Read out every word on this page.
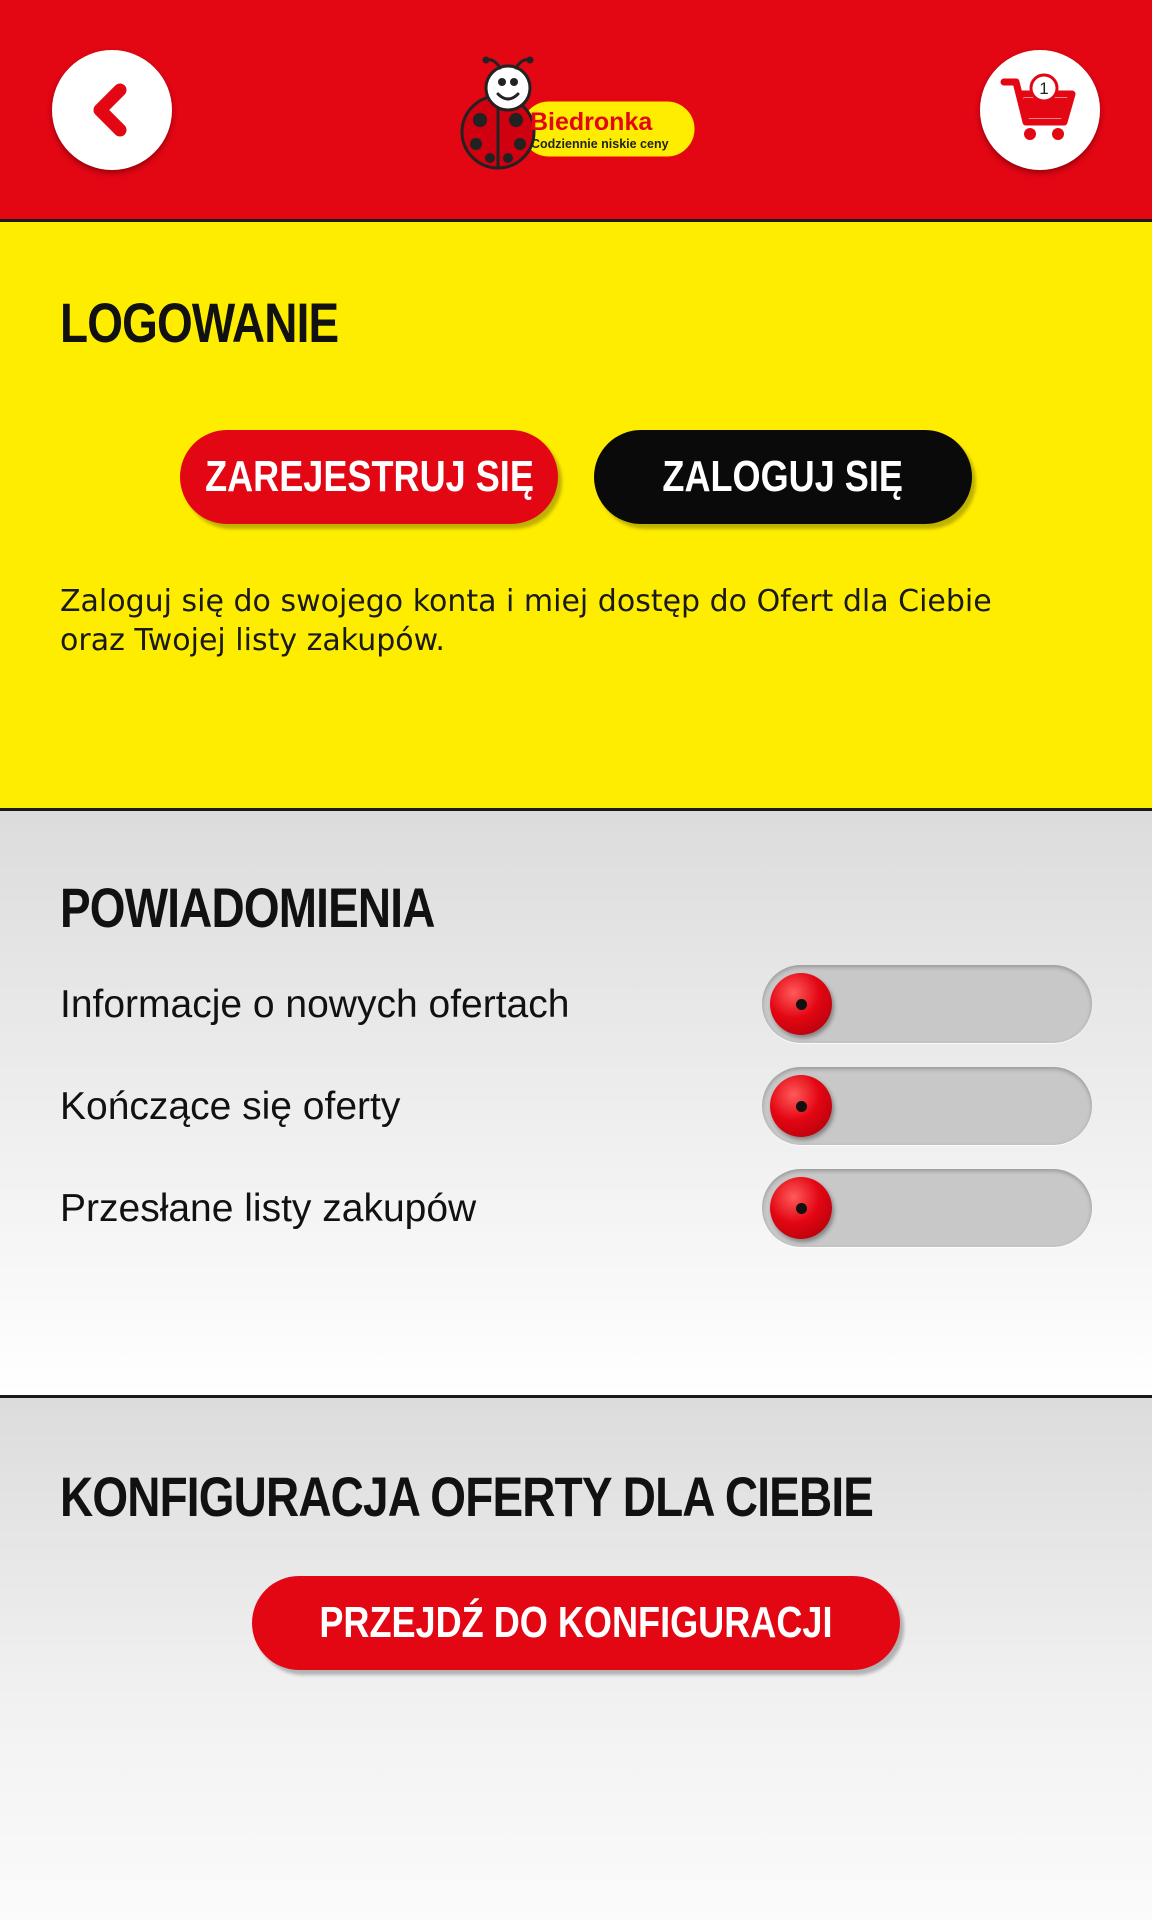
Biedronka
Codziennie niskie ceny
1
LOGOWANIE
ZAREJESTRUJ SIĘ	ZALOGUJ SIĘ

Zaloguj się do swojego konta i miej dostęp do Ofert dla Ciebie oraz Twojej listy zakupów.

POWIADOMIENIA
Informacje o nowych ofertach
Kończące się oferty
Przesłane listy zakupów
KONFIGURACJA OFERTY DLA CIEBIE
PRZEJDŹ DO KONFIGURACJI
